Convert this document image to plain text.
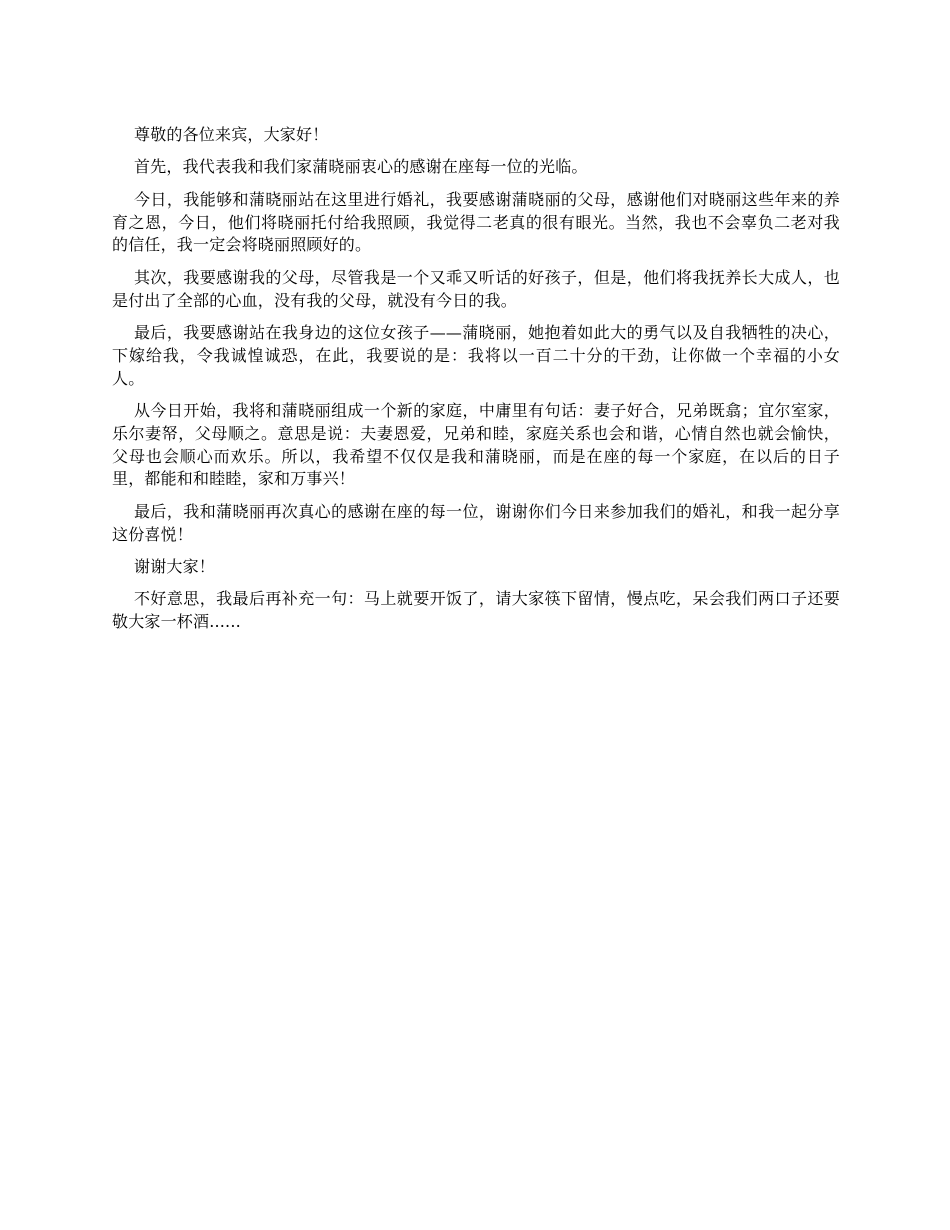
尊敬的各位来宾，大家好！

首先，我代表我和我们家蒲晓丽衷心的感谢在座每一位的光临。

今日，我能够和蒲晓丽站在这里进行婚礼，我要感谢蒲晓丽的父母，感谢他们对晓丽这些年来的养育之恩，今日，他们将晓丽托付给我照顾，我觉得二老真的很有眼光。当然，我也不会辜负二老对我的信任，我一定会将晓丽照顾好的。

其次，我要感谢我的父母，尽管我是一个又乖又听话的好孩子，但是，他们将我抚养长大成人，也是付出了全部的心血，没有我的父母，就没有今日的我。

最后，我要感谢站在我身边的这位女孩子——蒲晓丽，她抱着如此大的勇气以及自我牺牲的决心，下嫁给我，令我诚惶诚恐，在此，我要说的是：我将以一百二十分的干劲，让你做一个幸福的小女人。

从今日开始，我将和蒲晓丽组成一个新的家庭，中庸里有句话：妻子好合，兄弟既翕；宜尔室家，乐尔妻帑，父母顺之。意思是说：夫妻恩爱，兄弟和睦，家庭关系也会和谐，心情自然也就会愉快，父母也会顺心而欢乐。所以，我希望不仅仅是我和蒲晓丽，而是在座的每一个家庭，在以后的日子里，都能和和睦睦，家和万事兴！

最后，我和蒲晓丽再次真心的感谢在座的每一位，谢谢你们今日来参加我们的婚礼，和我一起分享这份喜悦！

谢谢大家！

不好意思，我最后再补充一句：马上就要开饭了，请大家筷下留情，慢点吃，呆会我们两口子还要敬大家一杯酒......
